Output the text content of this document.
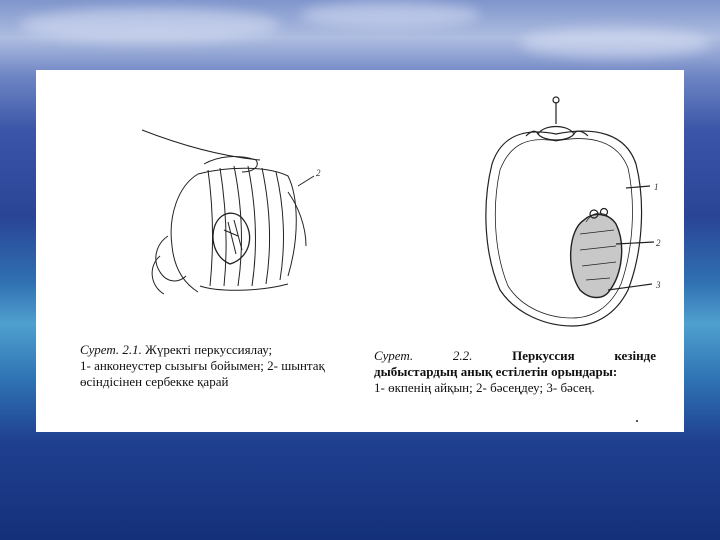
2
1
2
3
Сурет. 2.1. Жүректі перкуссиялау;
1- анконеустер сызығы бойымен; 2- шынтақ
өсіндісінен сербекке қарай
Сурет.	2.2.	Перкуссия	кезінде
дыбыстардың анық естілетін орындары:
1- өкпенің айқын; 2- бәсеңдеу; 3- бәсең.
